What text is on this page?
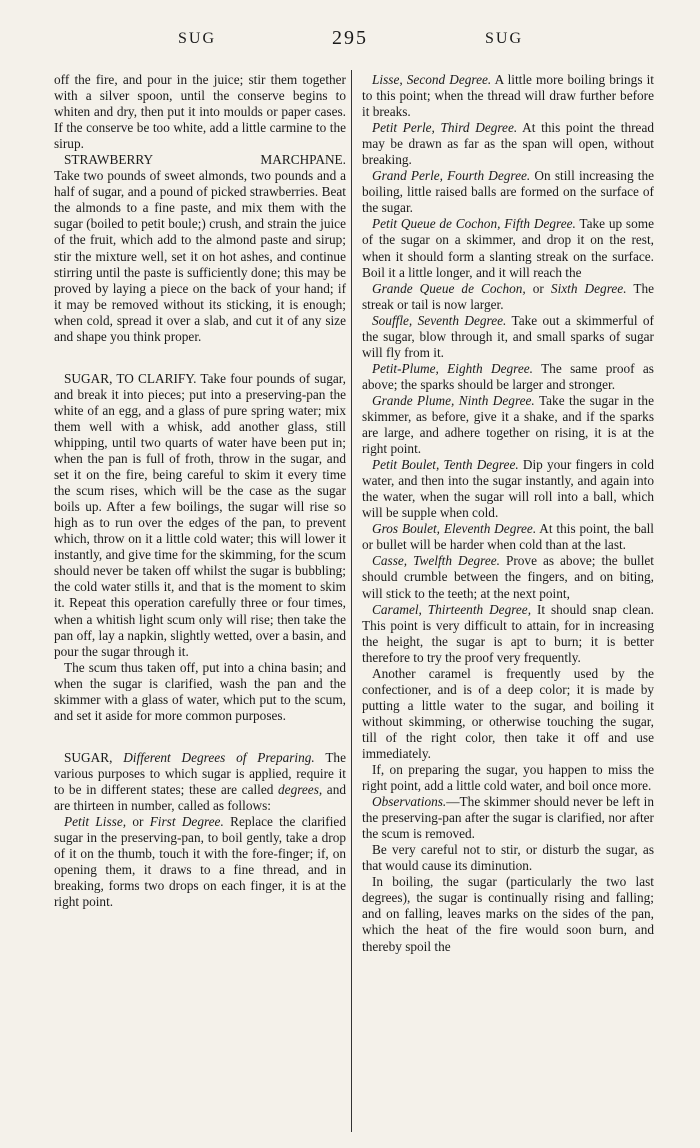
SUG	295	SUG

off the fire, and pour in the juice; stir them together with a silver spoon, until the conserve begins to whiten and dry, then put it into moulds or paper cases. If the conserve be too white, add a little carmine to the sirup.

STRAWBERRY MARCHPANE.

Take two pounds of sweet almonds, two pounds and a half of sugar, and a pound of picked strawberries. Beat the almonds to a fine paste, and mix them with the sugar (boiled to petit boule;) crush, and strain the juice of the fruit, which add to the almond paste and sirup; stir the mixture well, set it on hot ashes, and continue stirring until the paste is sufficiently done; this may be proved by laying a piece on the back of your hand; if it may be removed without its sticking, it is enough; when cold, spread it over a slab, and cut it of any size and shape you think proper.

SUGAR, TO CLARIFY. Take four pounds of sugar, and break it into pieces; put into a preserving-pan the white of an egg, and a glass of pure spring water; mix them well with a whisk, add another glass, still whipping, until two quarts of water have been put in; when the pan is full of froth, throw in the sugar, and set it on the fire, being careful to skim it every time the scum rises, which will be the case as the sugar boils up. After a few boilings, the sugar will rise so high as to run over the edges of the pan, to prevent which, throw on it a little cold water; this will lower it instantly, and give time for the skimming, for the scum should never be taken off whilst the sugar is bubbling; the cold water stills it, and that is the moment to skim it. Repeat this operation carefully three or four times, when a whitish light scum only will rise; then take the pan off, lay a napkin, slightly wetted, over a basin, and pour the sugar through it.

The scum thus taken off, put into a china basin; and when the sugar is clarified, wash the pan and the skimmer with a glass of water, which put to the scum, and set it aside for more common purposes.

SUGAR, Different Degrees of Preparing. The various purposes to which sugar is applied, require it to be in different states; these are called degrees, and are thirteen in number, called as follows:

Petit Lisse, or First Degree. Replace the clarified sugar in the preserving-pan, to boil gently, take a drop of it on the thumb, touch it with the fore-finger; if, on opening them, it draws to a fine thread, and in breaking, forms two drops on each finger, it is at the right point.

Lisse, Second Degree. A little more boiling brings it to this point; when the thread will draw further before it breaks.

Petit Perle, Third Degree. At this point the thread may be drawn as far as the span will open, without breaking.

Grand Perle, Fourth Degree. On still increasing the boiling, little raised balls are formed on the surface of the sugar.

Petit Queue de Cochon, Fifth Degree. Take up some of the sugar on a skimmer, and drop it on the rest, when it should form a slanting streak on the surface. Boil it a little longer, and it will reach the

Grande Queue de Cochon, or Sixth Degree. The streak or tail is now larger.

Souffle, Seventh Degree. Take out a skimmerful of the sugar, blow through it, and small sparks of sugar will fly from it.

Petit-Plume, Eighth Degree. The same proof as above; the sparks should be larger and stronger.

Grande Plume, Ninth Degree. Take the sugar in the skimmer, as before, give it a shake, and if the sparks are large, and adhere together on rising, it is at the right point.

Petit Boulet, Tenth Degree. Dip your fingers in cold water, and then into the sugar instantly, and again into the water, when the sugar will roll into a ball, which will be supple when cold.

Gros Boulet, Eleventh Degree. At this point, the ball or bullet will be harder when cold than at the last.

Casse, Twelfth Degree. Prove as above; the bullet should crumble between the fingers, and on biting, will stick to the teeth; at the next point,

Caramel, Thirteenth Degree, It should snap clean. This point is very difficult to attain, for in increasing the height, the sugar is apt to burn; it is better therefore to try the proof very frequently.

Another caramel is frequently used by the confectioner, and is of a deep color; it is made by putting a little water to the sugar, and boiling it without skimming, or otherwise touching the sugar, till of the right color, then take it off and use immediately.

If, on preparing the sugar, you happen to miss the right point, add a little cold water, and boil once more.

Observations.—The skimmer should never be left in the preserving-pan after the sugar is clarified, nor after the scum is removed.

Be very careful not to stir, or disturb the sugar, as that would cause its diminution.

In boiling, the sugar (particularly the two last degrees), the sugar is continually rising and falling; and on falling, leaves marks on the sides of the pan, which the heat of the fire would soon burn, and thereby spoil the
